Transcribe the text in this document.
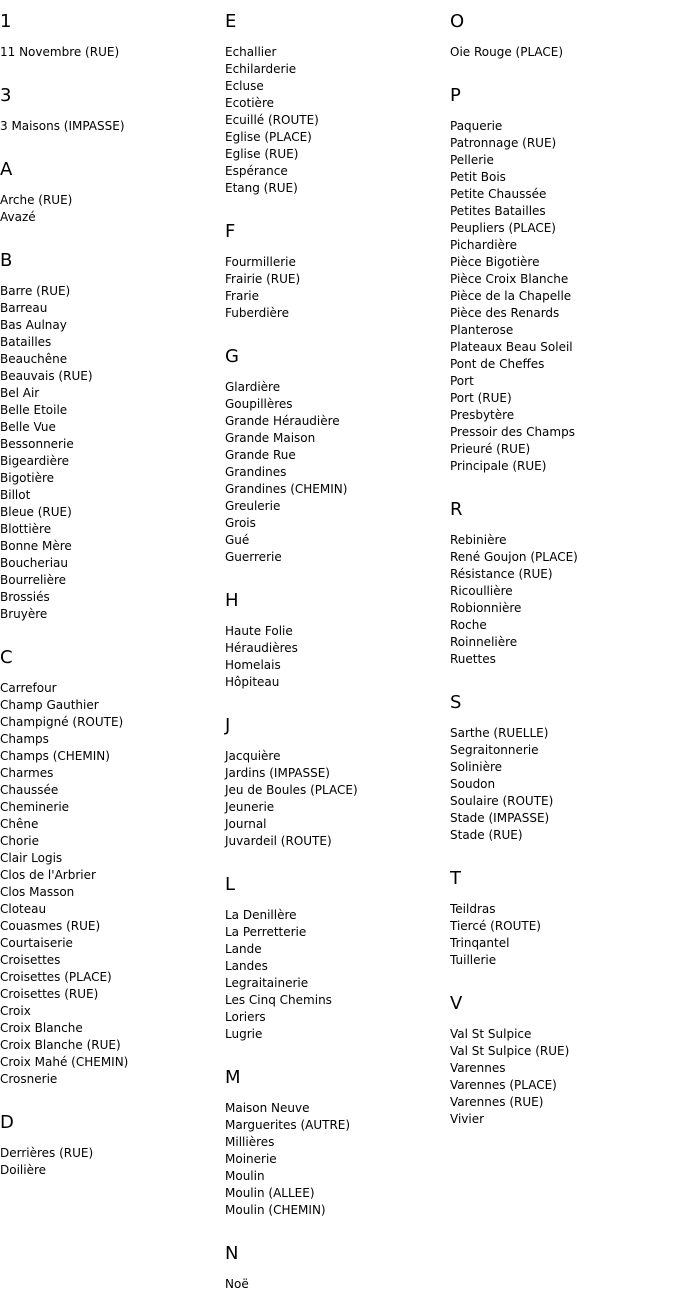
1
11 Novembre (RUE)
3
3 Maisons (IMPASSE)
A
Arche (RUE)
Avazé
B
Barre (RUE)
Barreau
Bas Aulnay
Batailles
Beauchêne
Beauvais (RUE)
Bel Air
Belle Etoile
Belle Vue
Bessonnerie
Bigeardière
Bigotière
Billot
Bleue (RUE)
Blottière
Bonne Mère
Boucheriau
Bourrelière
Brossiés
Bruyère
C
Carrefour
Champ Gauthier
Champigné (ROUTE)
Champs
Champs (CHEMIN)
Charmes
Chaussée
Cheminerie
Chêne
Chorie
Clair Logis
Clos de l'Arbrier
Clos Masson
Cloteau
Couasmes (RUE)
Courtaiserie
Croisettes
Croisettes (PLACE)
Croisettes (RUE)
Croix
Croix Blanche
Croix Blanche (RUE)
Croix Mahé (CHEMIN)
Crosnerie
D
Derrières (RUE)
Doilière
E
Echallier
Echilarderie
Ecluse
Ecotière
Ecuillé (ROUTE)
Eglise (PLACE)
Eglise (RUE)
Espérance
Etang (RUE)
F
Fourmillerie
Frairie (RUE)
Frarie
Fuberdière
G
Glardière
Goupillères
Grande Héraudière
Grande Maison
Grande Rue
Grandines
Grandines (CHEMIN)
Greulerie
Grois
Gué
Guerrerie
H
Haute Folie
Héraudières
Homelais
Hôpiteau
J
Jacquière
Jardins (IMPASSE)
Jeu de Boules (PLACE)
Jeunerie
Journal
Juvardeil (ROUTE)
L
La Denillère
La Perretterie
Lande
Landes
Legraitainerie
Les Cinq Chemins
Loriers
Lugrie
M
Maison Neuve
Marguerites (AUTRE)
Millières
Moinerie
Moulin
Moulin (ALLEE)
Moulin (CHEMIN)
N
Noë
O
Oie Rouge (PLACE)
P
Paquerie
Patronnage (RUE)
Pellerie
Petit Bois
Petite Chaussée
Petites Batailles
Peupliers (PLACE)
Pichardière
Pièce Bigotière
Pièce Croix Blanche
Pièce de la Chapelle
Pièce des Renards
Planterose
Plateaux Beau Soleil
Pont de Cheffes
Port
Port (RUE)
Presbytère
Pressoir des Champs
Prieuré (RUE)
Principale (RUE)
R
Rebinière
René Goujon (PLACE)
Résistance (RUE)
Ricoullière
Robionnière
Roche
Roinnelière
Ruettes
S
Sarthe (RUELLE)
Segraitonnerie
Solinière
Soudon
Soulaire (ROUTE)
Stade (IMPASSE)
Stade (RUE)
T
Teildras
Tiercé (ROUTE)
Trinqantel
Tuillerie
V
Val St Sulpice
Val St Sulpice (RUE)
Varennes
Varennes (PLACE)
Varennes (RUE)
Vivier
